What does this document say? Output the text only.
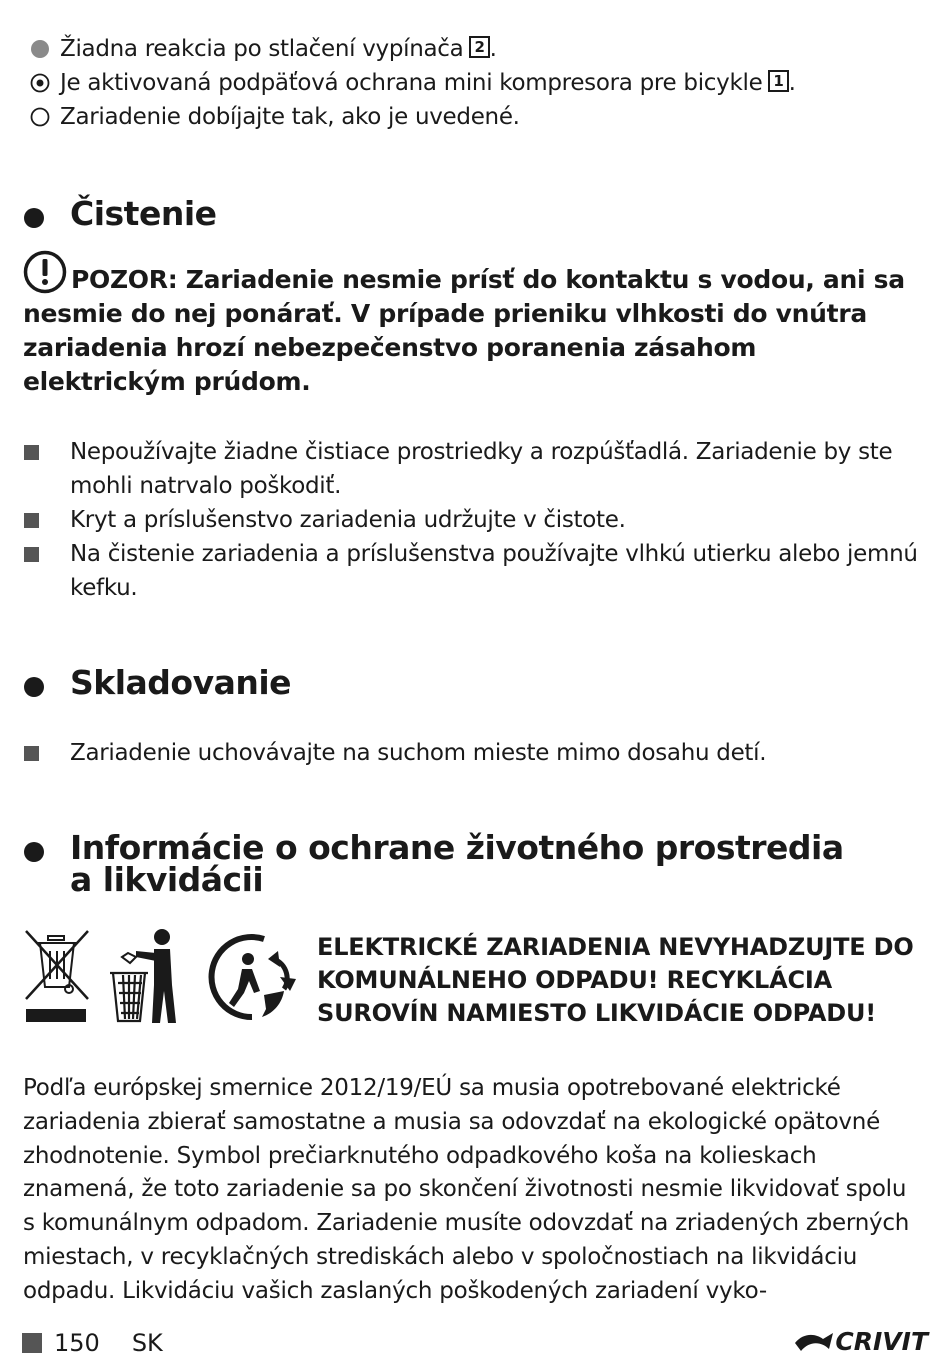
Žiadna reakcia po stlačení vypínača 2 .
Je aktivovaná podpäťová ochrana mini kompresora pre bicykle 1 .
Zariadenie dobíjajte tak, ako je uvedené.
Čistenie
POZOR: Zariadenie nesmie prísť do kontaktu s vodou, ani sa nesmie do nej ponárať. V prípade prieniku vlhkosti do vnútra zariadenia hrozí nebezpečenstvo poranenia zásahom elektrickým prúdom.
Nepoužívajte žiadne čistiace prostriedky a rozpúšťadlá. Zariadenie by ste mohli natrvalo poškodiť.
Kryt a príslušenstvo zariadenia udržujte v čistote.
Na čistenie zariadenia a príslušenstva používajte vlhkú utierku alebo jemnú kefku.
Skladovanie
Zariadenie uchovávajte na suchom mieste mimo dosahu detí.
Informácie o ochrane životného prostredia
a likvidácii
ELEKTRICKÉ ZARIADENIA NEVYHADZUJTE DO KOMUNÁLNEHO ODPADU! RECYKLÁCIA SUROVÍN NAMIESTO LIKVIDÁCIE ODPADU!
Podľa európskej smernice 2012/19/EÚ sa musia opotrebované elektrické zariadenia zbierať samostatne a musia sa odovzdať na ekologické opätovné zhodnotenie. Symbol prečiarknutého odpadkového koša na kolieskach znamená, že toto zariadenie sa po skončení životnosti nesmie likvidovať spolu s komunálnym odpadom. Zariadenie musíte odovzdať na zriadených zberných miestach, v recyklačných strediskách alebo v spoločnostiach na likvidáciu odpadu. Likvidáciu vašich zaslaných poškodených zariadení vyko-
150 SK	CRIVIT
